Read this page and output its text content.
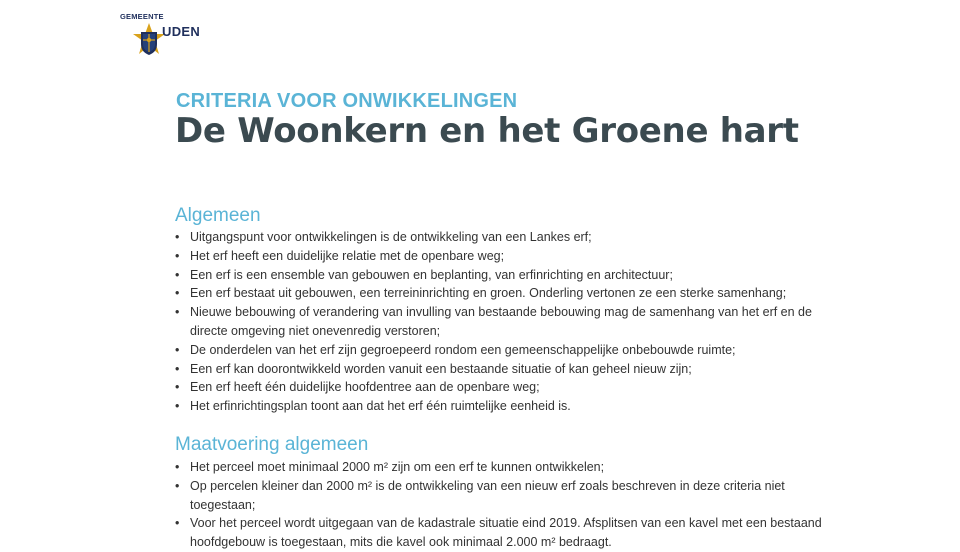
GEMEENTE
UDEN
CRITERIA VOOR ONWIKKELINGEN
De Woonkern en het Groene hart
Algemeen
• Uitgangspunt voor ontwikkelingen is de ontwikkeling van een Lankes erf;
• Het erf heeft een duidelijke relatie met de openbare weg;
• Een erf is een ensemble van gebouwen en beplanting, van erfinrichting en architectuur;
• Een erf bestaat uit gebouwen, een terreininrichting en groen. Onderling vertonen ze een sterke samenhang;
• Nieuwe bebouwing of verandering van invulling van bestaande bebouwing mag de samenhang van het erf en de directe omgeving niet onevenredig verstoren;
• De onderdelen van het erf zijn gegroepeerd rondom een gemeenschappelijke onbebouwde ruimte;
• Een erf kan doorontwikkeld worden vanuit een bestaande situatie of kan geheel nieuw zijn;
• Een erf heeft één duidelijke hoofdentree aan de openbare weg;
• Het erfinrichtingsplan toont aan dat het erf één ruimtelijke eenheid is.
Maatvoering algemeen
• Het perceel moet minimaal 2000 m² zijn om een erf te kunnen ontwikkelen;
• Op percelen kleiner dan 2000 m² is de ontwikkeling van een nieuw erf zoals beschreven in deze criteria niet toegestaan;
• Voor het perceel wordt uitgegaan van de kadastrale situatie eind 2019. Afsplitsen van een kavel met een bestaand hoofdgebouw is toegestaan, mits die kavel ook minimaal 2.000 m² bedraagt.
